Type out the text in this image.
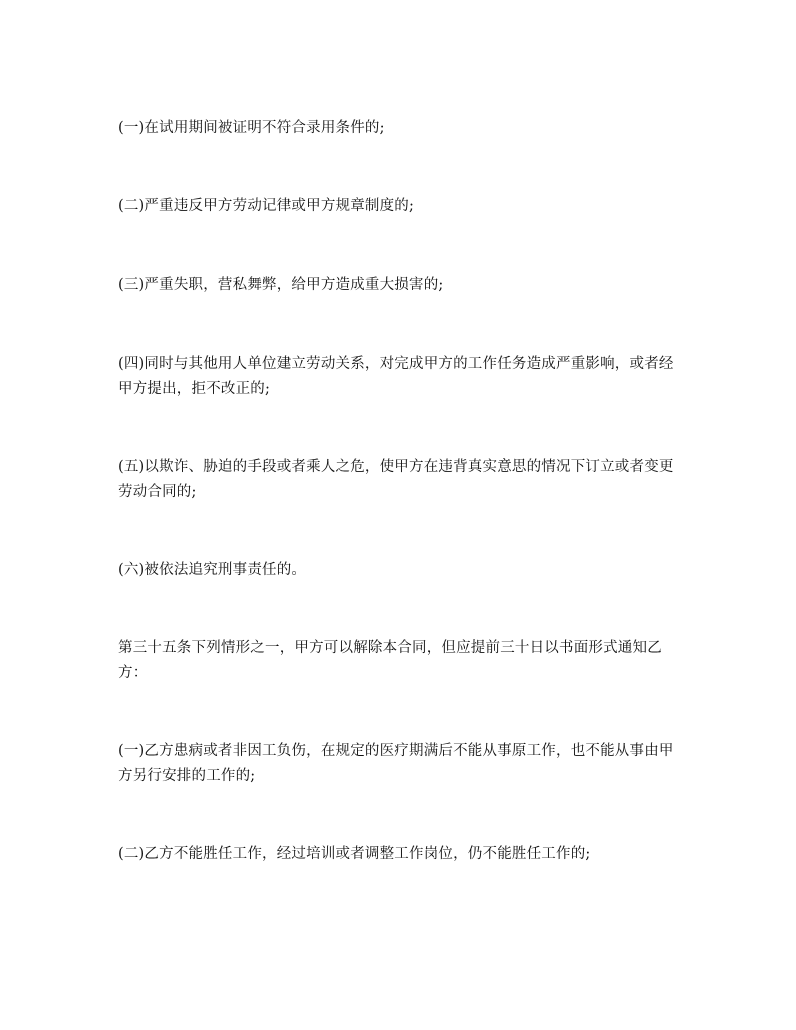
(一)在试用期间被证明不符合录用条件的;

(二)严重违反甲方劳动记律或甲方规章制度的;

(三)严重失职，营私舞弊，给甲方造成重大损害的;

(四)同时与其他用人单位建立劳动关系，对完成甲方的工作任务造成严重影响，或者经甲方提出，拒不改正的;

(五)以欺诈、胁迫的手段或者乘人之危，使甲方在违背真实意思的情况下订立或者变更劳动合同的;

(六)被依法追究刑事责任的。

第三十五条下列情形之一，甲方可以解除本合同，但应提前三十日以书面形式通知乙方：

(一)乙方患病或者非因工负伤，在规定的医疗期满后不能从事原工作，也不能从事由甲方另行安排的工作的;

(二)乙方不能胜任工作，经过培训或者调整工作岗位，仍不能胜任工作的;
